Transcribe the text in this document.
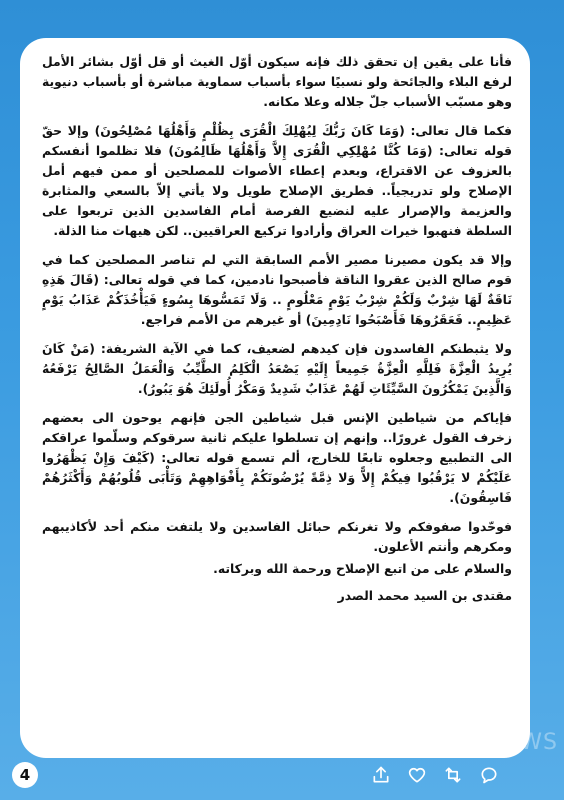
فأنا على يقين إن تحقق ذلك فإنه سيكون أوّل الغيث أو قل أوّل بشائر الأمل لرفع البلاء والجائحة ولو نسبيًا سواء بأسباب سماوية مباشرة أو بأسباب دنيوية وهو مسبّب الأسباب جلّ جلاله وعلا مكانه.

فكما قال تعالى: (وَمَا كَانَ رَبُّكَ لِيُهْلِكَ الْقُرَى بِظُلْمٍ وَأَهْلُهَا مُصْلِحُونَ) وإلا حقّ قوله تعالى: (وَمَا كُنَّا مُهْلِكِي الْقُرَى إِلاَّ وَأَهْلُهَا ظَالِمُونَ) فلا تظلموا أنفسكم بالعزوف عن الاقتراع، وبعدم إعطاء الأصوات للمصلحين أو ممن فيهم أمل الإصلاح ولو تدريجياً.. فطريق الإصلاح طويل ولا يأتي إلاّ بالسعي والمثابرة والعزيمة والإصرار عليه لنضيع الفرصة أمام الفاسدين الذين تربعوا على السلطة فنهبوا خيرات العراق وأرادوا تركيع العراقيين.. لكن هيهات منا الذلة.

وإلا قد يكون مصيرنا مصير الأمم السابقة التي لم تناصر المصلحين كما في قوم صالح الذين عقروا الناقة فأصبحوا نادمين، كما في قوله تعالى: (قَالَ هَذِهِ نَاقَةٌ لَهَا شِرْبٌ وَلَكُمْ شِرْبُ يَوْمٍ مَعْلُومٍ .. وَلَا تَمَسُّوهَا بِسُوءٍ فَيَأْخُذَكُمْ عَذَابُ يَوْمٍ عَظِيمٍ.. فَعَقَرُوهَا فَأَصْبَحُوا نَادِمِينَ) أو غيرهم من الأمم فراجع.

ولا يثبطنكم الفاسدون فإن كيدهم لضعيف، كما في الآية الشريفة: (مَنْ كَانَ يُرِيدُ الْعِزَّةَ فَلِلَّهِ الْعِزَّةُ جَمِيعاً إِلَيْهِ يَصْعَدُ الْكَلِمُ الطَّيِّبُ وَالْعَمَلُ الصَّالِحُ يَرْفَعُهُ وَالَّذِينَ يَمْكُرُونَ السَّيِّئَاتِ لَهُمْ عَذَابٌ شَدِيدٌ وَمَكْرُ أُولَئِكَ هُوَ يَبُورُ).

فإياكم من شياطين الإنس قبل شياطين الجن فإنهم يوحون الى بعضهم زخرف القول غرورًا.. وإنهم إن تسلطوا عليكم ثانية سرقوكم وسلّموا عراقكم الى التطبيع وجعلوه تابعًا للخارج، ألم تسمع قوله تعالى: (كَيْفَ وَإِنْ يَظْهَرُوا عَلَيْكُمْ لا يَرْقُبُوا فِيكُمْ إِلاًّ وَلا ذِمَّةً يُرْضُونَكُمْ بِأَفْوَاهِهِمْ وَتَأْبَى قُلُوبُهُمْ وَأَكْثَرُهُمْ فَاسِقُونَ).

فوحّدوا صفوفكم ولا تغرنكم حبائل الفاسدين ولا يلتفت منكم أحد لأكاذيبهم ومكرهم وأنتم الأعلون.

والسلام على من اتبع الإصلاح ورحمة الله وبركاته.

مقتدى بن السيد محمد الصدر
4
NEWS
